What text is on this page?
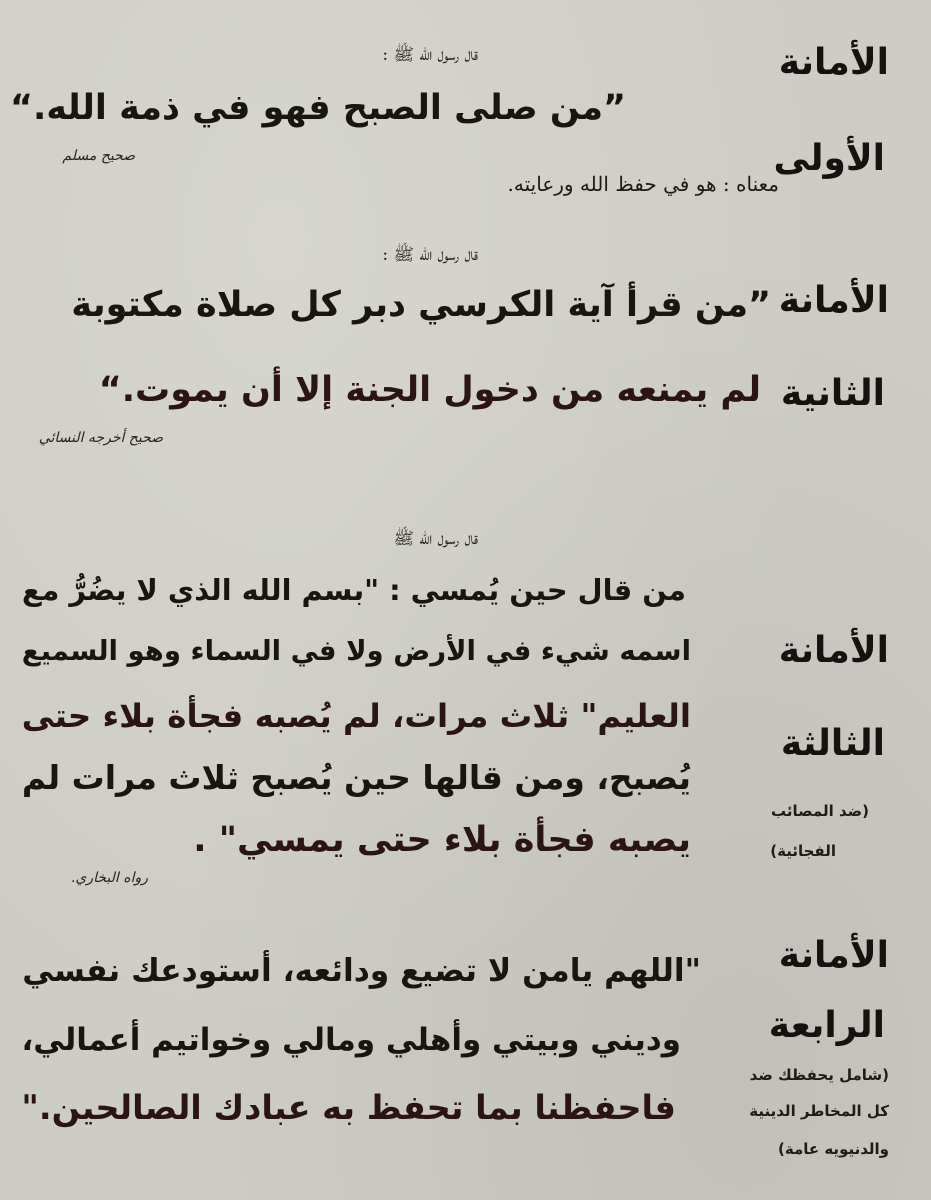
الأمانة
الأولى
قال رسول الله ﷺ :
”من صلى الصبح فهو في ذمة الله.“
صحيح مسلم
معناه : هو في حفظ الله ورعايته.
الأمانة
الثانية
قال رسول الله ﷺ :
”من قرأ آية الكرسي دبر كل صلاة مكتوبة
لم يمنعه من دخول الجنة إلا أن يموت.“
صحيح أخرجه النسائي
الأمانة
الثالثة
(ضد المصائب
الفجائية)
قال رسول الله ﷺ
من قال حين يُمسي : "بسم الله الذي لا يضُرُّ مع
اسمه شيء في الأرض ولا في السماء وهو السميع
العليم" ثلاث مرات، لم يُصبه فجأة بلاء حتى
يُصبح، ومن قالها حين يُصبح ثلاث مرات لم
يصبه فجأة بلاء حتى يمسي" .
رواه البخاري.
الأمانة
الرابعة
(شامل يحفظك ضد
كل المخاطر الدينية
والدنيويه عامة)
"اللهم يامن لا تضيع ودائعه، أستودعك نفسي
وديني وبيتي وأهلي ومالي وخواتيم أعمالي،
فاحفظنا بما تحفظ به عبادك الصالحين."
